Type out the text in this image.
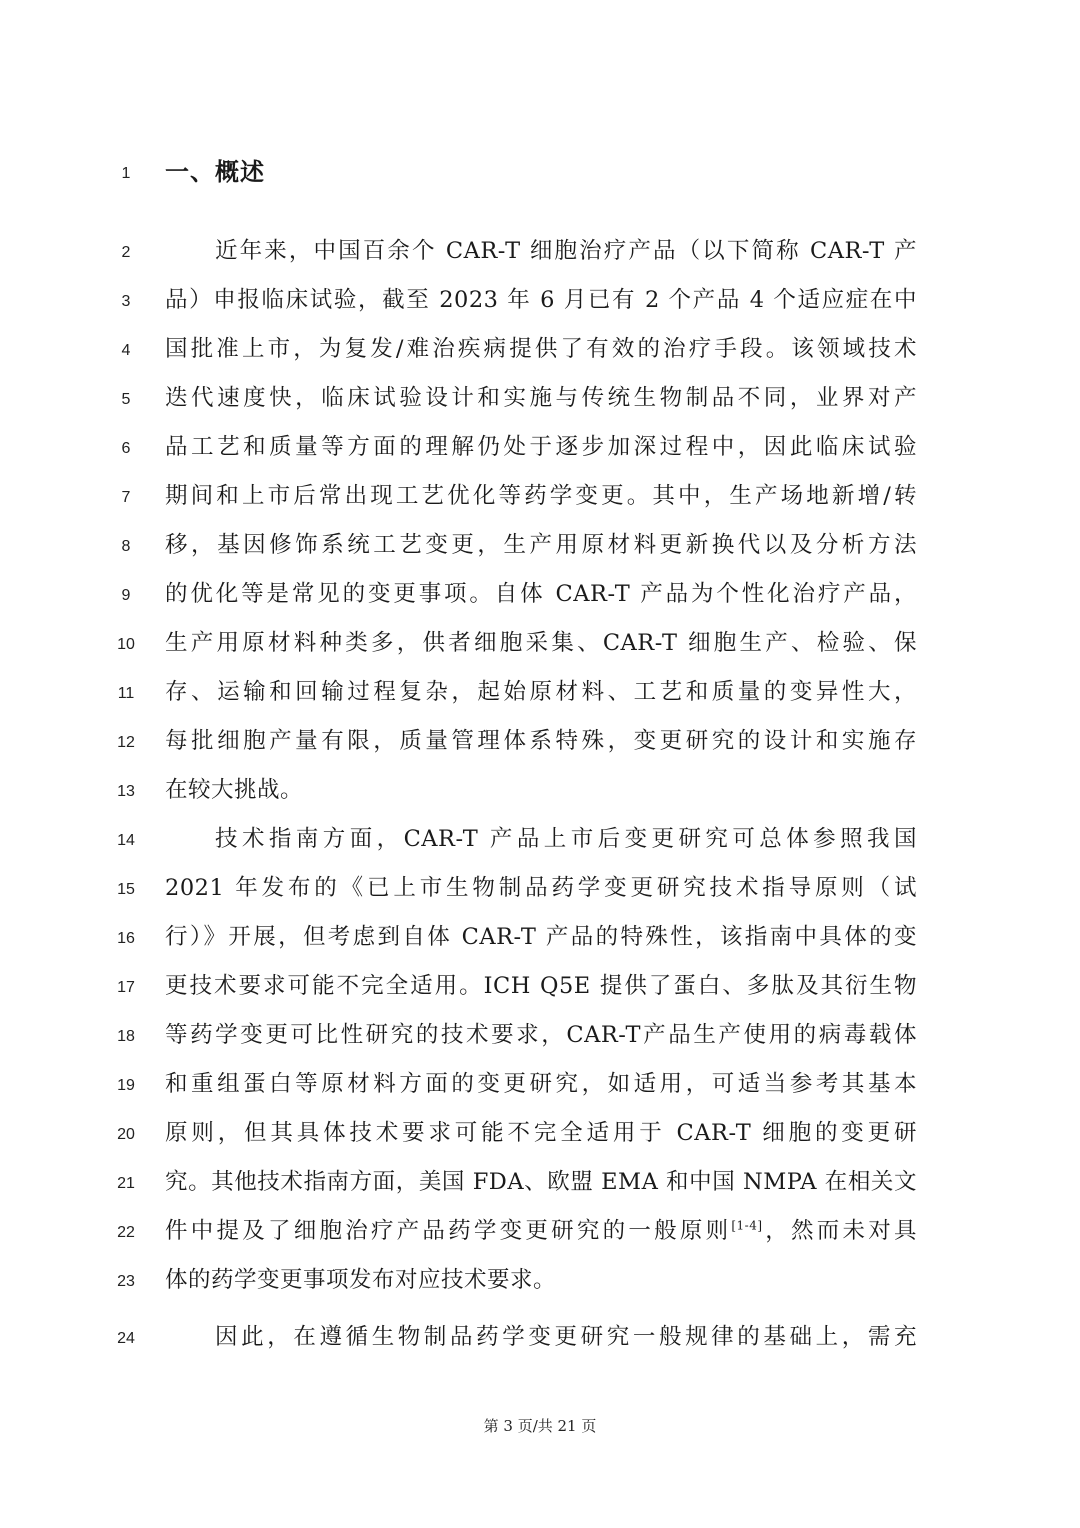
1	一、概述
2	近年来，中国百余个 CAR-T 细胞治疗产品（以下简称 CAR-T 产
3	品）申报临床试验，截至 2023 年 6 月已有 2 个产品 4 个适应症在中
4	国批准上市，为复发/难治疾病提供了有效的治疗手段。该领域技术
5	迭代速度快，临床试验设计和实施与传统生物制品不同，业界对产
6	品工艺和质量等方面的理解仍处于逐步加深过程中，因此临床试验
7	期间和上市后常出现工艺优化等药学变更。其中，生产场地新增/转
8	移，基因修饰系统工艺变更，生产用原材料更新换代以及分析方法
9	的优化等是常见的变更事项。自体 CAR-T 产品为个性化治疗产品，
10	生产用原材料种类多，供者细胞采集、CAR-T 细胞生产、检验、保
11	存、运输和回输过程复杂，起始原材料、工艺和质量的变异性大，
12	每批细胞产量有限，质量管理体系特殊，变更研究的设计和实施存
13	在较大挑战。
14	技术指南方面，CAR-T 产品上市后变更研究可总体参照我国
15	2021 年发布的《已上市生物制品药学变更研究技术指导原则（试
16	行）》开展，但考虑到自体 CAR-T 产品的特殊性，该指南中具体的变
17	更技术要求可能不完全适用。ICH Q5E 提供了蛋白、多肽及其衍生物
18	等药学变更可比性研究的技术要求，CAR-T产品生产使用的病毒载体
19	和重组蛋白等原材料方面的变更研究，如适用，可适当参考其基本
20	原则，但其具体技术要求可能不完全适用于 CAR-T 细胞的变更研
21	究。其他技术指南方面，美国 FDA、欧盟 EMA 和中国 NMPA 在相关文
22	件中提及了细胞治疗产品药学变更研究的一般原则[1-4]，然而未对具
23	体的药学变更事项发布对应技术要求。
24	因此，在遵循生物制品药学变更研究一般规律的基础上，需充
第 3 页/共 21 页
